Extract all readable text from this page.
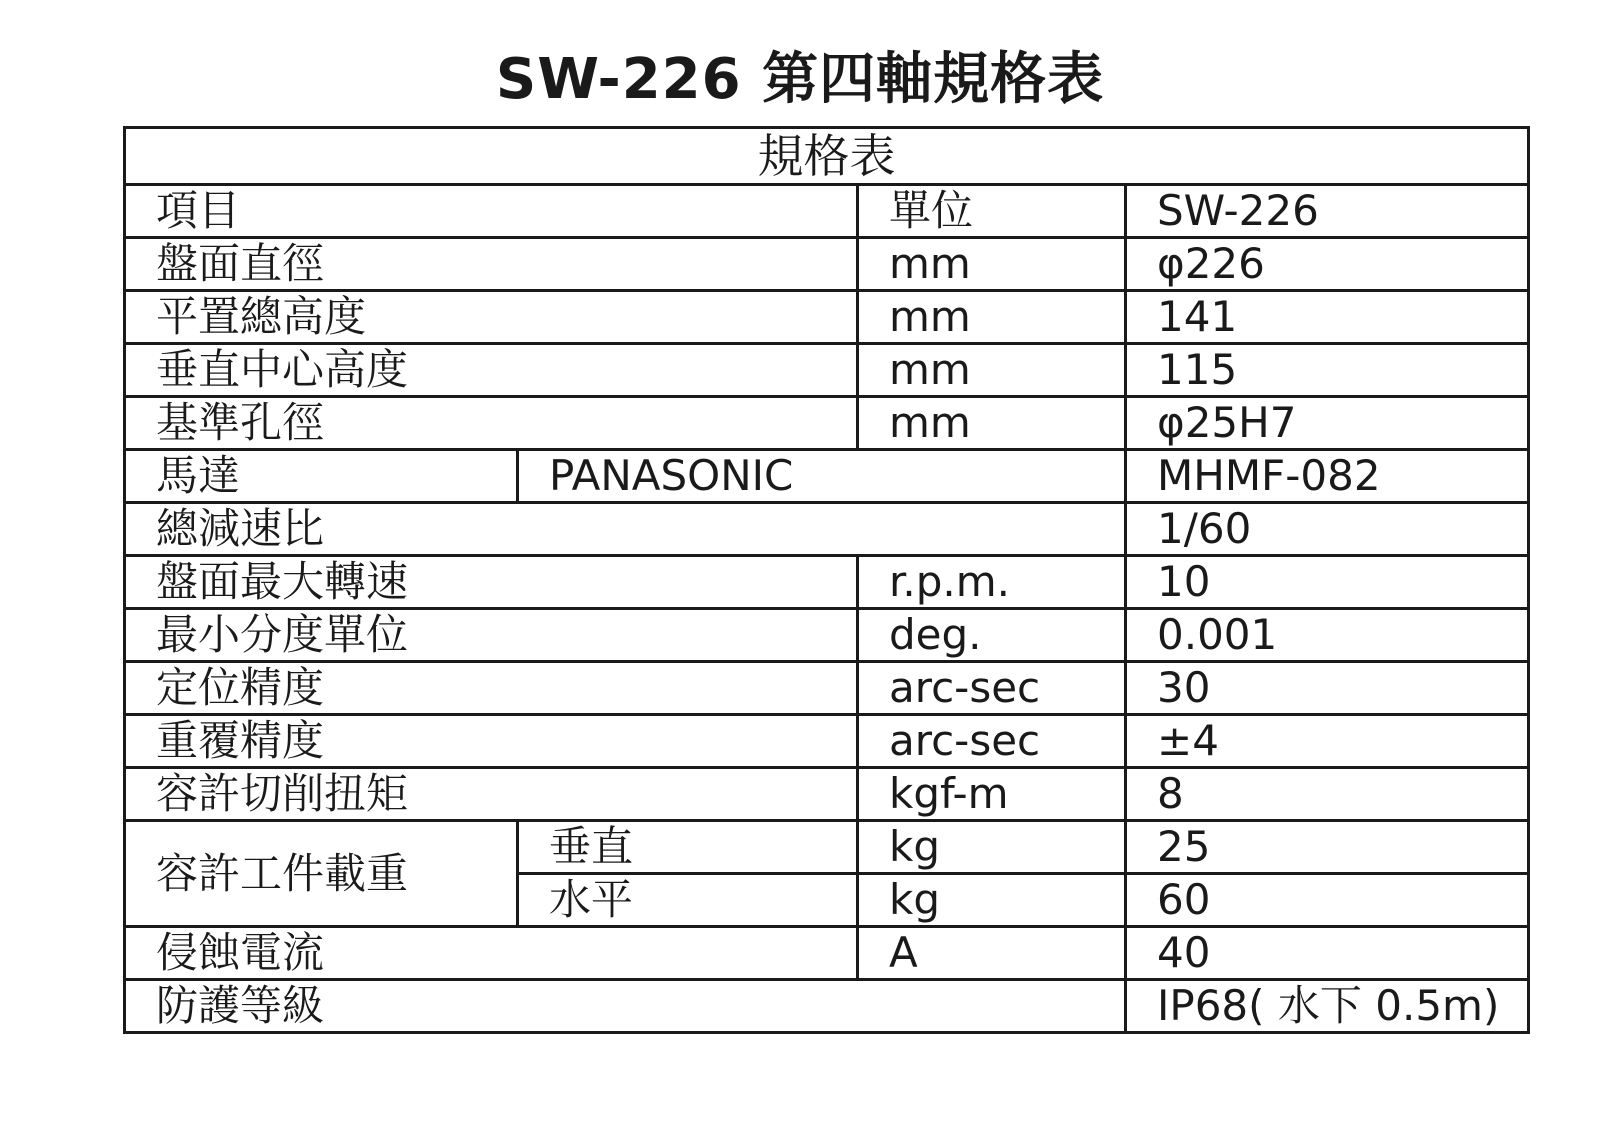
SW-226 第四軸規格表
規格表			
項目		單位	SW-226
盤面直徑		mm	φ226
平置總高度		mm	141
垂直中心高度		mm	115
基準孔徑		mm	φ25H7
馬達	PANASONIC		MHMF-082
總減速比			1/60
盤面最大轉速		r.p.m.	10
最小分度單位		deg.	0.001
定位精度		arc-sec	30
重覆精度		arc-sec	±4
容許切削扭矩		kgf-m	8
容許工件載重	垂直	kg	25
	水平	kg	60
侵蝕電流		A	40
防護等級			IP68( 水下 0.5m)
